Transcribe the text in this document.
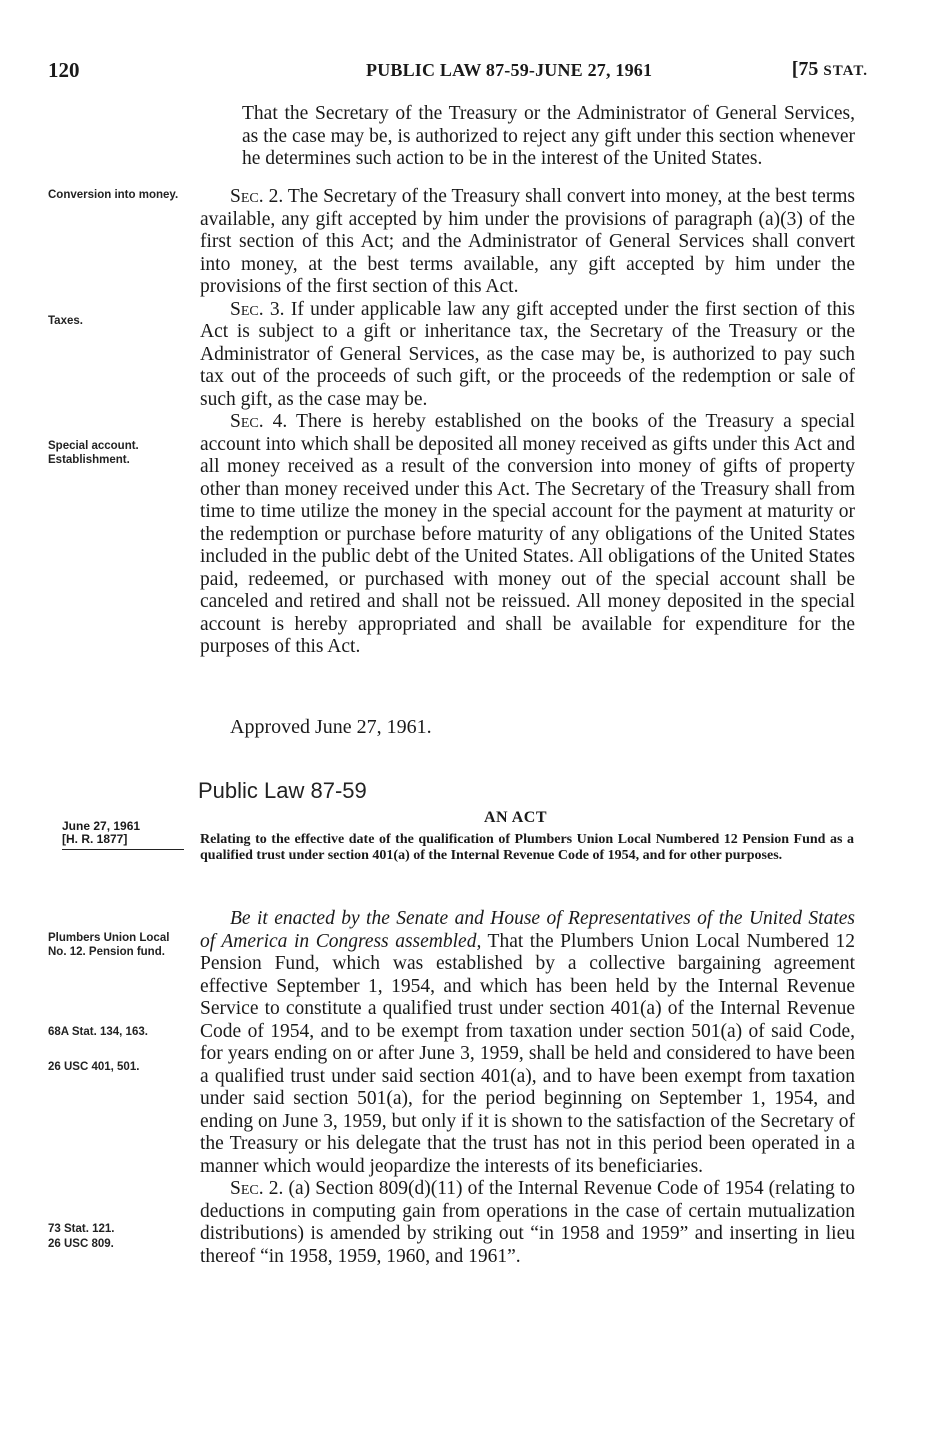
120	PUBLIC LAW 87-59-JUNE 27, 1961	[75 STAT.

That the Secretary of the Treasury or the Administrator of General Services, as the case may be, is authorized to reject any gift under this section whenever he determines such action to be in the interest of the United States.

Conversion into money.
Taxes.
Special account. Establishment.

Sec. 2. The Secretary of the Treasury shall convert into money, at the best terms available, any gift accepted by him under the provisions of paragraph (a)(3) of the first section of this Act; and the Administrator of General Services shall convert into money, at the best terms available, any gift accepted by him under the provisions of the first section of this Act.

Sec. 3. If under applicable law any gift accepted under the first section of this Act is subject to a gift or inheritance tax, the Secretary of the Treasury or the Administrator of General Services, as the case may be, is authorized to pay such tax out of the proceeds of such gift, or the proceeds of the redemption or sale of such gift, as the case may be.

Sec. 4. There is hereby established on the books of the Treasury a special account into which shall be deposited all money received as gifts under this Act and all money received as a result of the conversion into money of gifts of property other than money received under this Act. The Secretary of the Treasury shall from time to time utilize the money in the special account for the payment at maturity or the redemption or purchase before maturity of any obligations of the United States included in the public debt of the United States. All obligations of the United States paid, redeemed, or purchased with money out of the special account shall be canceled and retired and shall not be reissued. All money deposited in the special account is hereby appropriated and shall be available for expenditure for the purposes of this Act.

Approved June 27, 1961.
Public Law 87-59
AN ACT
June 27, 1961

[H. R. 1877]	Relating to the effective date of the qualification of Plumbers Union Local Numbered 12 Pension Fund as a qualified trust under section 401(a) of the Internal Revenue Code of 1954, and for other purposes.
Plumbers Union Local No. 12. Pension fund.
68A Stat. 134, 163.
26 USC 401, 501.
73 Stat. 121.
26 USC 809.

Be it enacted by the Senate and House of Representatives of the United States of America in Congress assembled, That the Plumbers Union Local Numbered 12 Pension Fund, which was established by a collective bargaining agreement effective September 1, 1954, and which has been held by the Internal Revenue Service to constitute a qualified trust under section 401(a) of the Internal Revenue Code of 1954, and to be exempt from taxation under section 501(a) of said Code, for years ending on or after June 3, 1959, shall be held and considered to have been a qualified trust under said section 401(a), and to have been exempt from taxation under said section 501(a), for the period beginning on September 1, 1954, and ending on June 3, 1959, but only if it is shown to the satisfaction of the Secretary of the Treasury or his delegate that the trust has not in this period been operated in a manner which would jeopardize the interests of its beneficiaries.

Sec. 2. (a) Section 809(d)(11) of the Internal Revenue Code of 1954 (relating to deductions in computing gain from operations in the case of certain mutualization distributions) is amended by striking out “in 1958 and 1959” and inserting in lieu thereof “in 1958, 1959, 1960, and 1961”.
